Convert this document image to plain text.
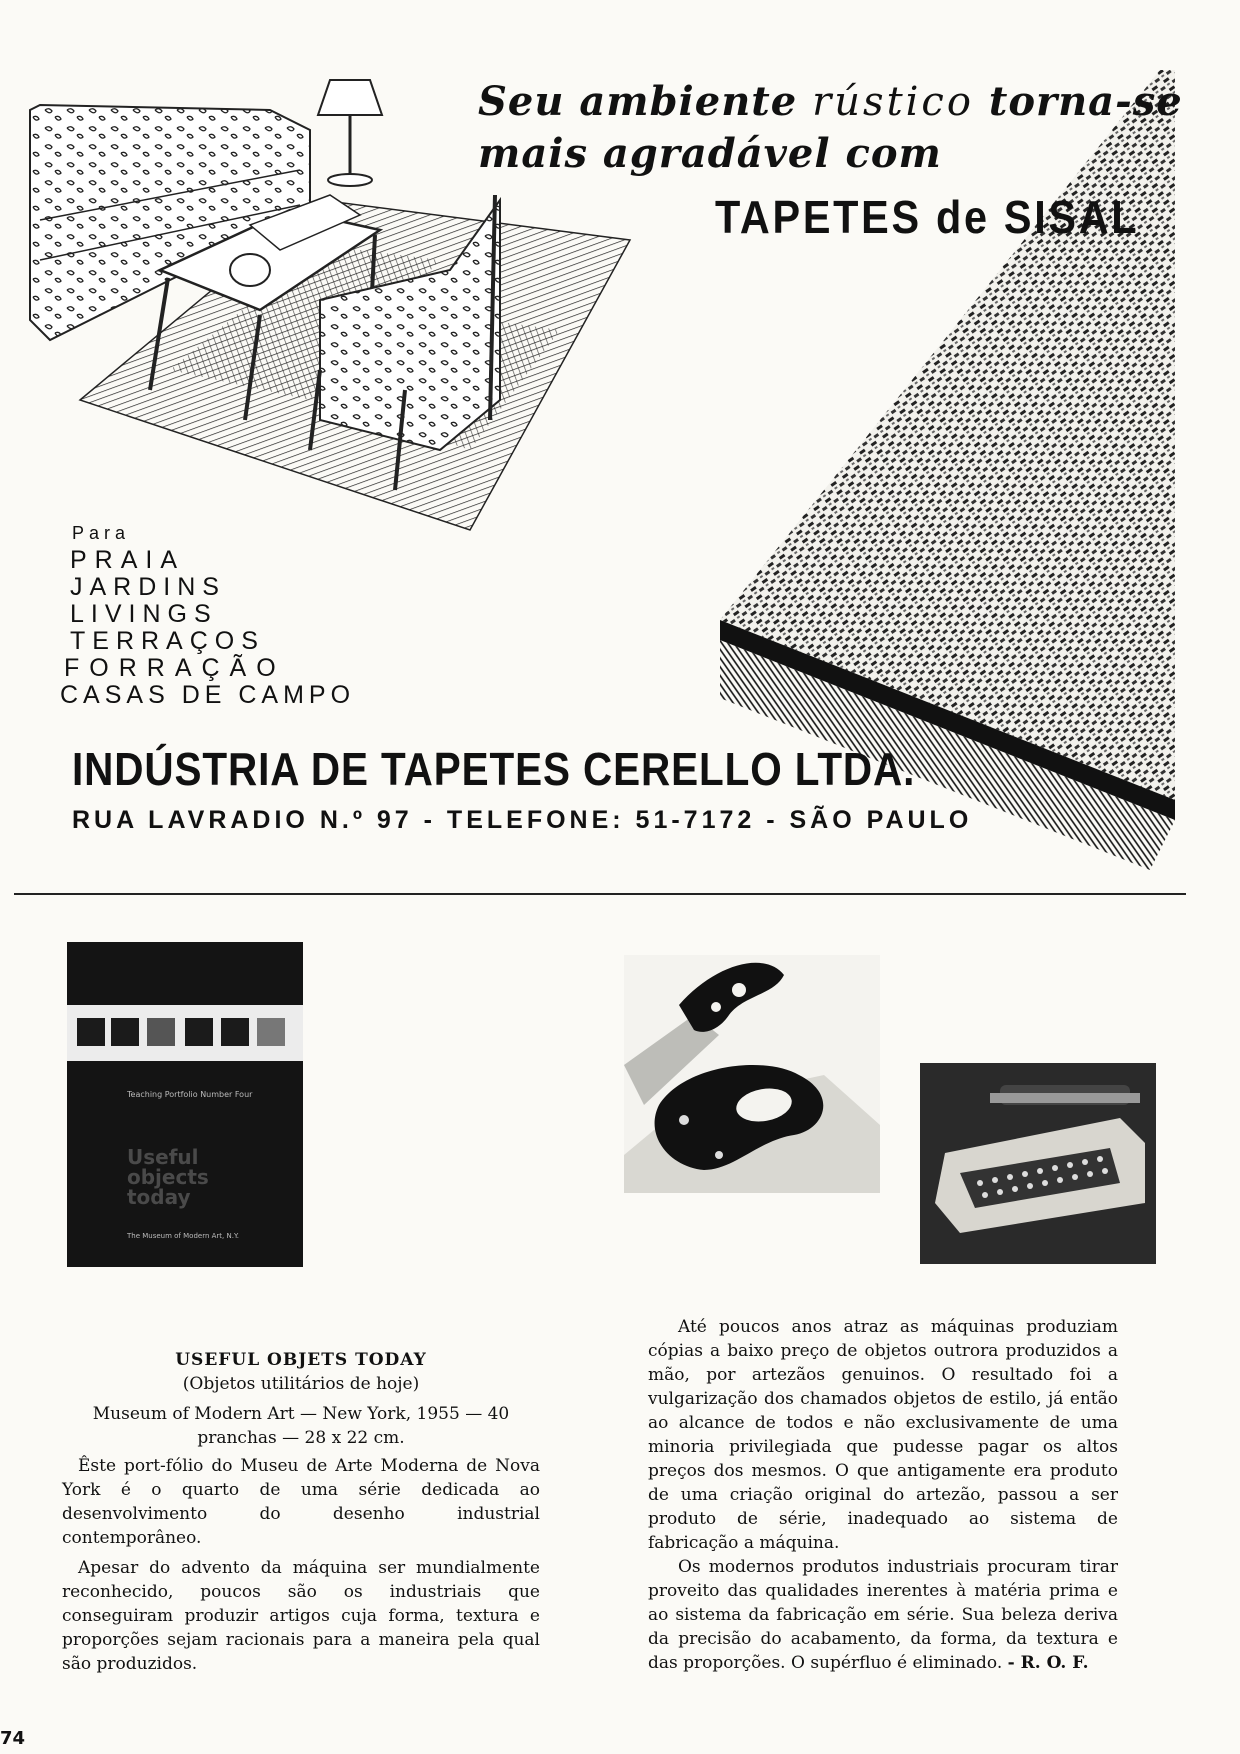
Seu ambiente rústico torna-se
mais agradável com
TAPETES de SISAL
Para
PRAIA
JARDINS
LIVINGS
TERRAÇOS
FORRAÇÃO
CASAS DE CAMPO
INDÚSTRIA DE TAPETES CERELLO LTDA.
RUA LAVRADIO N.º 97 - TELEFONE: 51-7172 - SÃO PAULO
Teaching Portfolio Number Four
Useful objects today
The Museum of Modern Art, N.Y.

USEFUL OBJETS TODAY

(Objetos utilitários de hoje)

Museum of Modern Art — New York, 1955 — 40 pranchas — 28 x 22 cm.

Êste port-fólio do Museu de Arte Moderna de Nova York é o quarto de uma série dedicada ao desenvolvimento do desenho industrial contemporâneo.

Apesar do advento da máquina ser mundialmente reconhecido, poucos são os industriais que conseguiram produzir artigos cuja forma, textura e proporções sejam racionais para a maneira pela qual são produzidos.

Até poucos anos atraz as máquinas produziam cópias a baixo preço de objetos outrora produzidos a mão, por artezãos genuinos. O resultado foi a vulgarização dos chamados objetos de estilo, já então ao alcance de todos e não exclusivamente de uma minoria privilegiada que pudesse pagar os altos preços dos mesmos. O que antigamente era produto de uma criação original do artezão, passou a ser produto de série, inadequado ao sistema de fabricação a máquina.

Os modernos produtos industriais procuram tirar proveito das qualidades inerentes à matéria prima e ao sistema da fabricação em série. Sua beleza deriva da precisão do acabamento, da forma, da textura e das proporções. O supérfluo é eliminado. - R. O. F.

74
